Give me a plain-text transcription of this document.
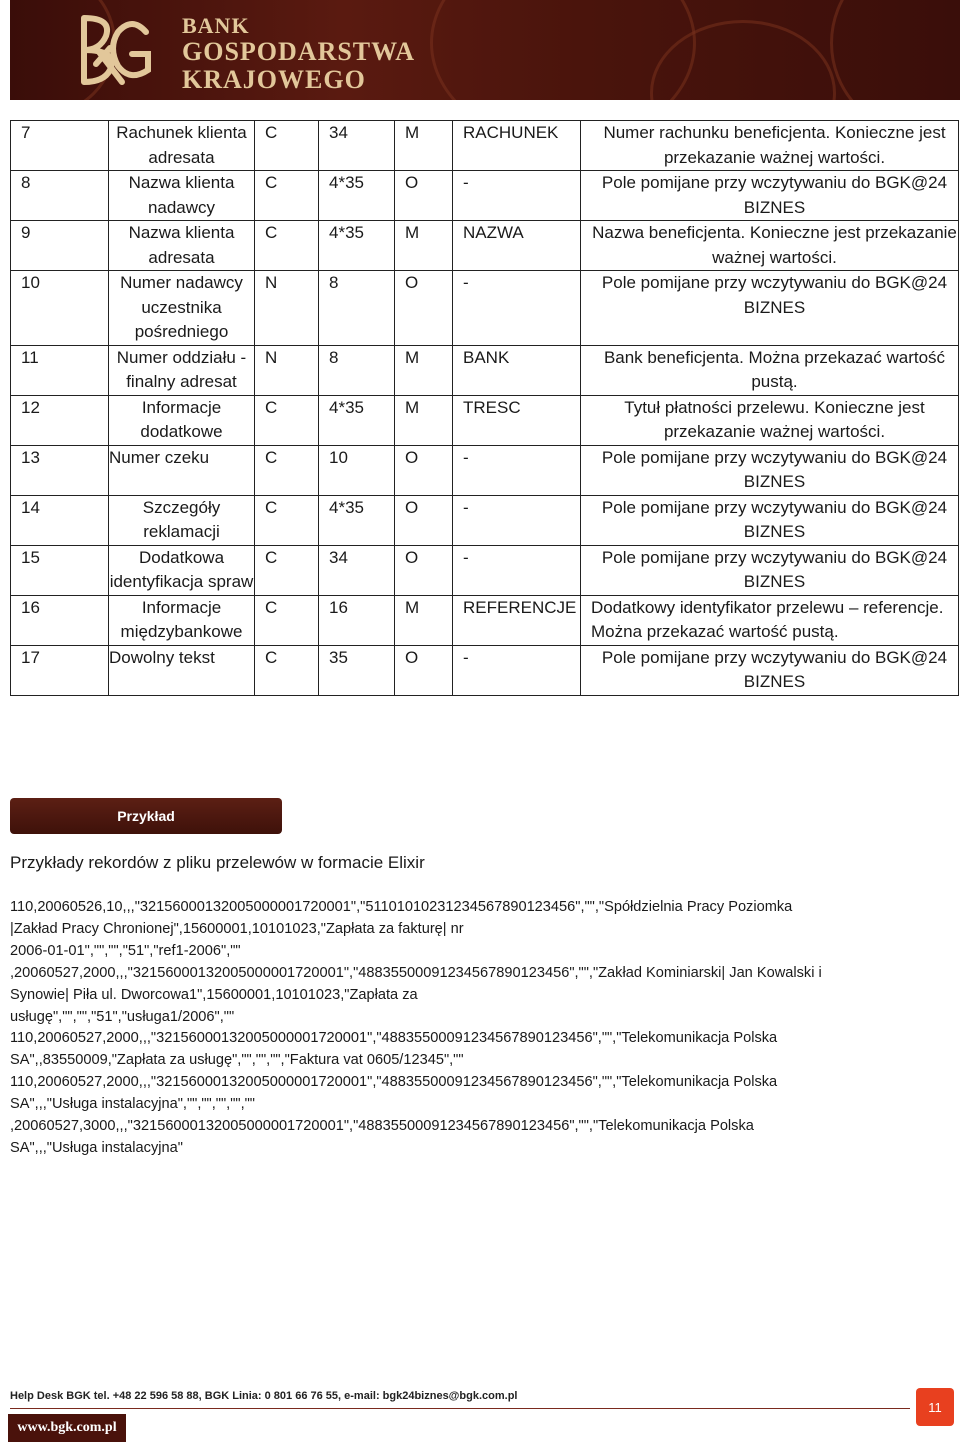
BANK
GOSPODARSTWA
KRAJOWEGO
7	Rachunek klienta adresata	C	34	M	RACHUNEK	Numer rachunku beneficjenta. Konieczne jest przekazanie ważnej wartości.
8	Nazwa klienta nadawcy	C	4*35	O	-	Pole pomijane przy wczytywaniu do BGK@24 BIZNES
9	Nazwa klienta adresata	C	4*35	M	NAZWA	Nazwa beneficjenta. Konieczne jest przekazanie ważnej wartości.
10	Numer nadawcy uczestnika pośredniego	N	8	O	-	Pole pomijane przy wczytywaniu do BGK@24 BIZNES
11	Numer oddziału - finalny adresat	N	8	M	BANK	Bank beneficjenta. Można przekazać wartość pustą.
12	Informacje dodatkowe	C	4*35	M	TRESC	Tytuł płatności przelewu. Konieczne jest przekazanie ważnej wartości.
13	Numer czeku	C	10	O	-	Pole pomijane przy wczytywaniu do BGK@24 BIZNES
14	Szczegóły reklamacji	C	4*35	O	-	Pole pomijane przy wczytywaniu do BGK@24 BIZNES
15	Dodatkowa identyfikacja spraw	C	34	O	-	Pole pomijane przy wczytywaniu do BGK@24 BIZNES
16	Informacje międzybankowe	C	16	M	REFERENCJE	Dodatkowy identyfikator przelewu – referencje. Można przekazać wartość pustą.
17	Dowolny tekst	C	35	O	-	Pole pomijane przy wczytywaniu do BGK@24 BIZNES
Przykład
Przykłady rekordów z pliku przelewów w formacie Elixir
110,20060526,10,,,"32156000132005000001720001","51101010231234567890123456","","Spółdzielnia Pracy Poziomka
|Zakład Pracy Chronionej",15600001,10101023,"Zapłata za fakturę| nr
2006-01-01","","","51","ref1-2006",""
,20060527,2000,,,"32156000132005000001720001","48835500091234567890123456","","Zakład Kominiarski| Jan Kowalski i
Synowie| Piła ul. Dworcowa1",15600001,10101023,"Zapłata za
usługę","","","51","usługa1/2006",""
110,20060527,2000,,,"32156000132005000001720001","48835500091234567890123456","","Telekomunikacja Polska
SA",,83550009,"Zapłata za usługę","","","","Faktura vat 0605/12345",""
110,20060527,2000,,,"32156000132005000001720001","48835500091234567890123456","","Telekomunikacja Polska
SA",,,"Usługa instalacyjna","","","","",""
,20060527,3000,,,"32156000132005000001720001","48835500091234567890123456","","Telekomunikacja Polska
SA",,,"Usługa instalacyjna"
Help Desk BGK tel. +48 22 596 58 88, BGK Linia: 0 801 66 76 55, e-mail: bgk24biznes@bgk.com.pl
www.bgk.com.pl
11
